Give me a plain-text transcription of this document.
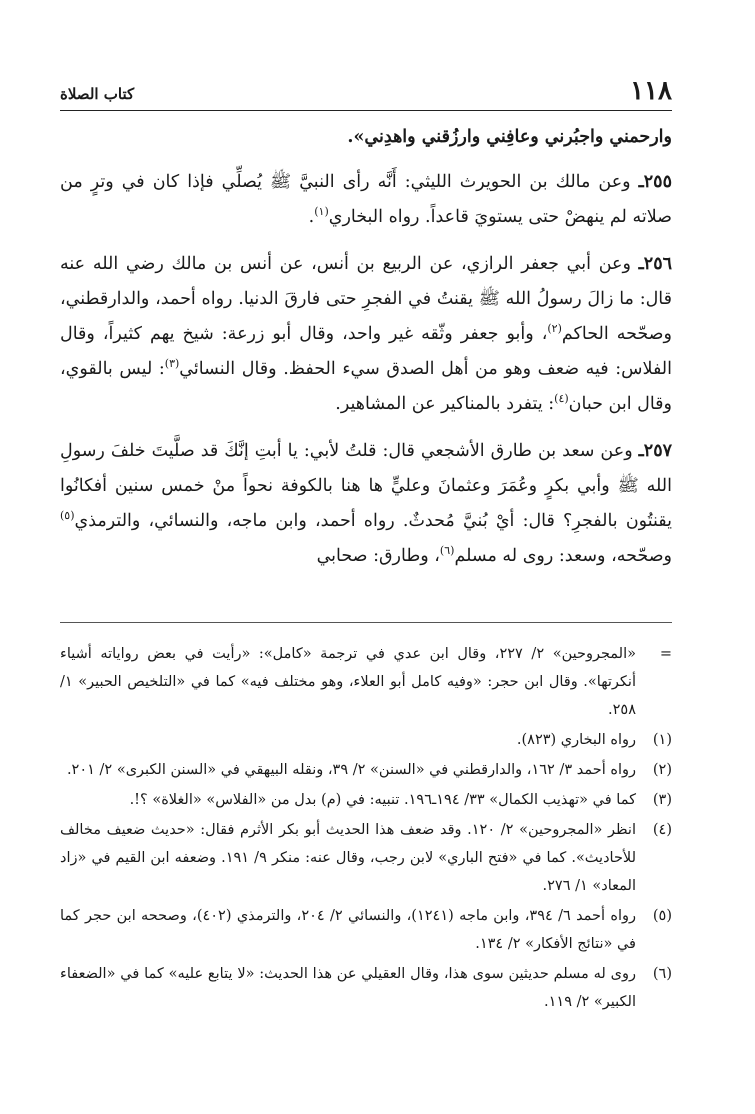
١١٨
كتاب الصلاة

وارحمني واجبُرني وعافِني وارزُقني واهدِني».

٢٥٥ـ وعن مالك بن الحويرث الليثي: أَنَّه رأى النبيَّ ﷺ يُصلِّي فإذا كان في وترٍ من صلاته لم ينهضْ حتى يستويَ قاعداً. رواه البخاري$^{(١)}$.

٢٥٦ـ وعن أبي جعفر الرازي، عن الربيع بن أنس، عن أنس بن مالك رضي الله عنه قال: ما زالَ رسولُ الله ﷺ يقنتُ في الفجرِ حتى فارقَ الدنيا. رواه أحمد، والدارقطني، وصحّحه الحاكم$^{(٢)}$، وأبو جعفر وثّقه غير واحد، وقال أبو زرعة: شيخ يهم كثيراً، وقال الفلاس: فيه ضعف وهو من أهل الصدق سيء الحفظ. وقال النسائي$^{(٣)}$: ليس بالقوي، وقال ابن حبان$^{(٤)}$: يتفرد بالمناكير عن المشاهير.

٢٥٧ـ وعن سعد بن طارق الأشجعي قال: قلتُ لأبي: يا أبتِ إنَّكَ قد صلَّيتَ خلفَ رسولِ الله ﷺ وأبي بكرٍ وعُمَرَ وعثمانَ وعليٍّ ها هنا بالكوفة نحواً منْ خمس سنين أفكانُوا يقنتُون بالفجرِ؟ قال: أيْ بُنيَّ مُحدثٌ. رواه أحمد، وابن ماجه، والنسائي، والترمذي$^{(٥)}$ وصحّحه، وسعد: روى له مسلم$^{(٦)}$، وطارق: صحابي

=
«المجروحين» ٢/ ٢٢٧، وقال ابن عدي في ترجمة «كامل»: «رأيت في بعض رواياته أشياء أنكرتها». وقال ابن حجر: «وفيه كامل أبو العلاء، وهو مختلف فيه» كما في «التلخيص الحبير» ١/ ٢٥٨.
(١)
رواه البخاري (٨٢٣).
(٢)
رواه أحمد ٣/ ١٦٢، والدارقطني في «السنن» ٢/ ٣٩، ونقله البيهقي في «السنن الكبرى» ٢/ ٢٠١.
(٣)
كما في «تهذيب الكمال» ٣٣/ ١٩٤ـ١٩٦. تنبيه: في (م) بدل من «الفلاس» «الغلاة» ؟!.
(٤)
انظر «المجروحين» ٢/ ١٢٠. وقد ضعف هذا الحديث أبو بكر الأثرم فقال: «حديث ضعيف مخالف للأحاديث». كما في «فتح الباري» لابن رجب، وقال عنه: منكر ٩/ ١٩١. وضعفه ابن القيم في «زاد المعاد» ١/ ٢٧٦.
(٥)
رواه أحمد ٦/ ٣٩٤، وابن ماجه (١٢٤١)، والنسائي ٢/ ٢٠٤، والترمذي (٤٠٢)، وصححه ابن حجر كما في «نتائج الأفكار» ٢/ ١٣٤.
(٦)
روى له مسلم حديثين سوى هذا، وقال العقيلي عن هذا الحديث: «لا يتابع عليه» كما في «الضعفاء الكبير» ٢/ ١١٩.
